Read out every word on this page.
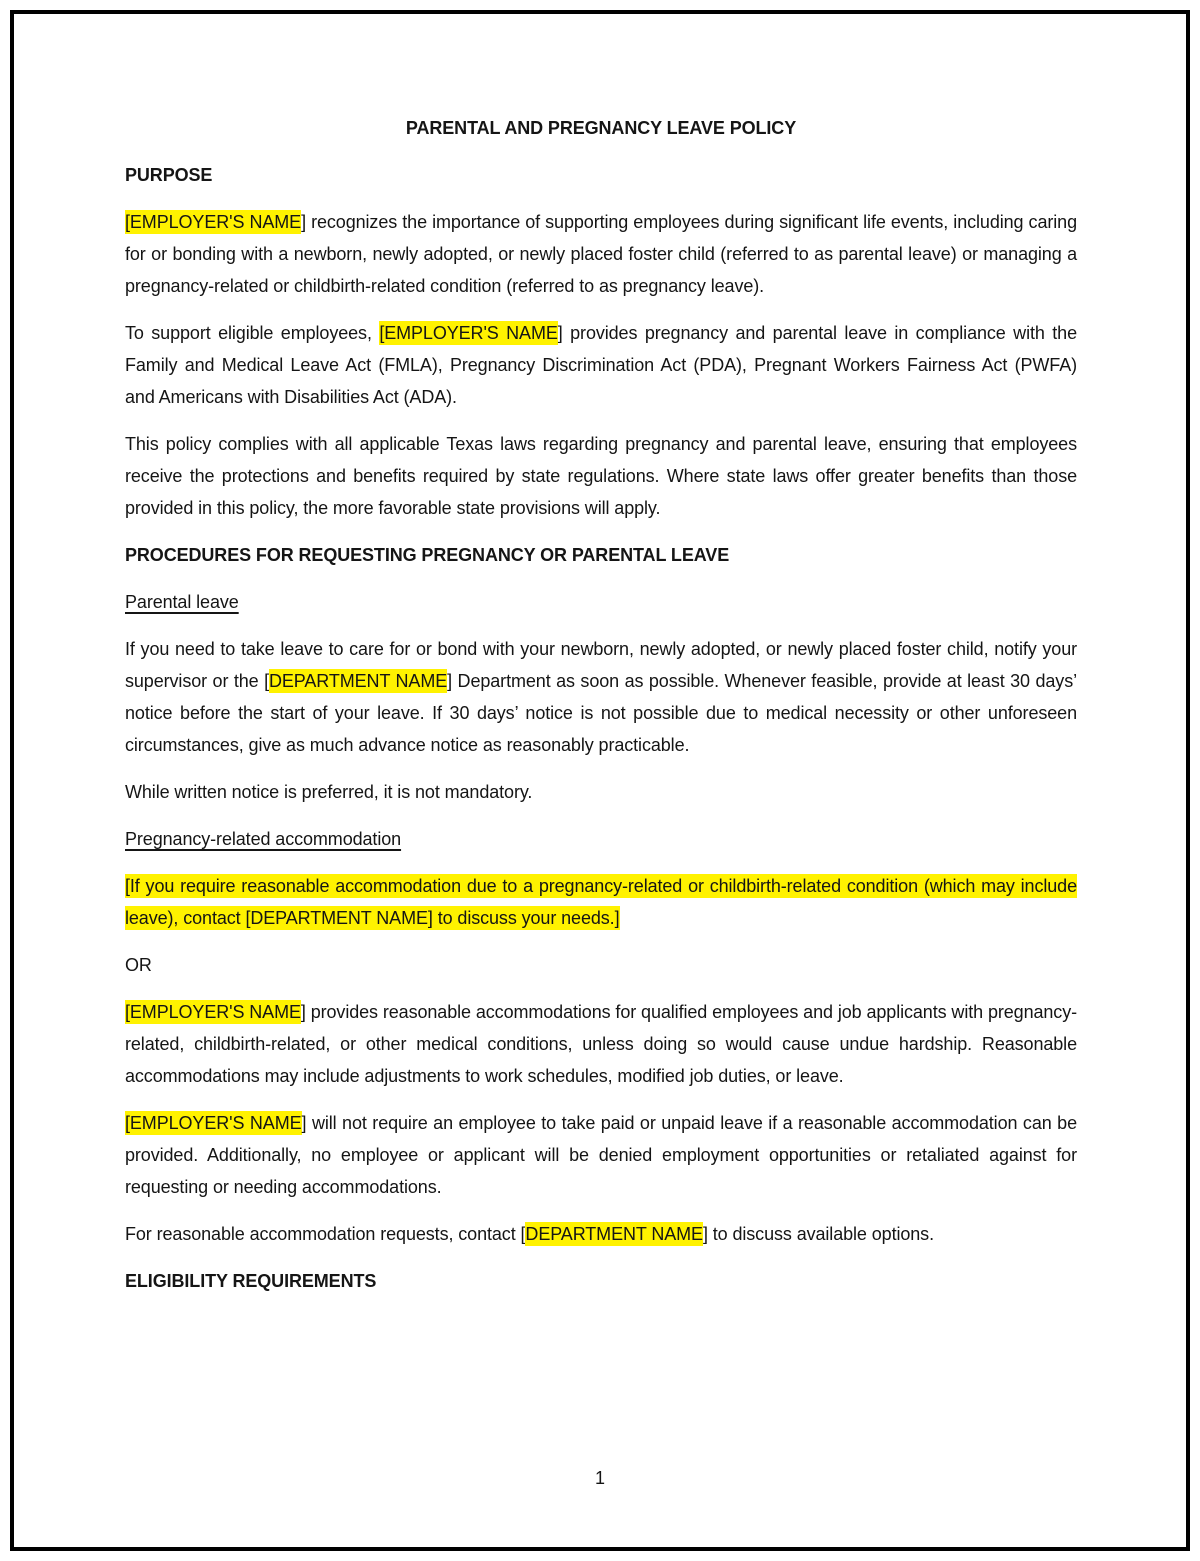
PARENTAL AND PREGNANCY LEAVE POLICY
PURPOSE
[EMPLOYER'S NAME] recognizes the importance of supporting employees during significant life events, including caring for or bonding with a newborn, newly adopted, or newly placed foster child (referred to as parental leave) or managing a pregnancy-related or childbirth-related condition (referred to as pregnancy leave).
To support eligible employees, [EMPLOYER'S NAME] provides pregnancy and parental leave in compliance with the Family and Medical Leave Act (FMLA), Pregnancy Discrimination Act (PDA), Pregnant Workers Fairness Act (PWFA) and Americans with Disabilities Act (ADA).
This policy complies with all applicable Texas laws regarding pregnancy and parental leave, ensuring that employees receive the protections and benefits required by state regulations. Where state laws offer greater benefits than those provided in this policy, the more favorable state provisions will apply.
PROCEDURES FOR REQUESTING PREGNANCY OR PARENTAL LEAVE
Parental leave
If you need to take leave to care for or bond with your newborn, newly adopted, or newly placed foster child, notify your supervisor or the [DEPARTMENT NAME] Department as soon as possible. Whenever feasible, provide at least 30 days’ notice before the start of your leave. If 30 days’ notice is not possible due to medical necessity or other unforeseen circumstances, give as much advance notice as reasonably practicable.
While written notice is preferred, it is not mandatory.
Pregnancy-related accommodation
[If you require reasonable accommodation due to a pregnancy-related or childbirth-related condition (which may include leave), contact [DEPARTMENT NAME] to discuss your needs.]
OR
[EMPLOYER'S NAME] provides reasonable accommodations for qualified employees and job applicants with pregnancy-related, childbirth-related, or other medical conditions, unless doing so would cause undue hardship. Reasonable accommodations may include adjustments to work schedules, modified job duties, or leave.
[EMPLOYER'S NAME] will not require an employee to take paid or unpaid leave if a reasonable accommodation can be provided. Additionally, no employee or applicant will be denied employment opportunities or retaliated against for requesting or needing accommodations.
For reasonable accommodation requests, contact [DEPARTMENT NAME] to discuss available options.
ELIGIBILITY REQUIREMENTS
1
